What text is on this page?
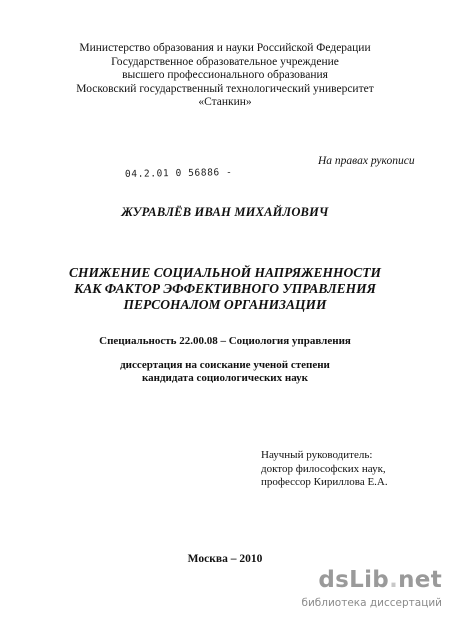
Министерство образования и науки Российской Федерации
Государственное образовательное учреждение
высшего профессионального образования
Московский государственный технологический университет
«Станкин»
04.2.01 0 56886 -
На правах рукописи
ЖУРАВЛЁВ ИВАН МИХАЙЛОВИЧ
СНИЖЕНИЕ СОЦИАЛЬНОЙ НАПРЯЖЕННОСТИ
КАК ФАКТОР ЭФФЕКТИВНОГО УПРАВЛЕНИЯ
ПЕРСОНАЛОМ ОРГАНИЗАЦИИ
Специальность 22.00.08 – Социология управления
диссертация на соискание ученой степени
кандидата социологических наук
Научный руководитель:
доктор философских наук,
профессор Кириллова Е.А.
Москва – 2010
dsLib.net
библиотека диссертаций
